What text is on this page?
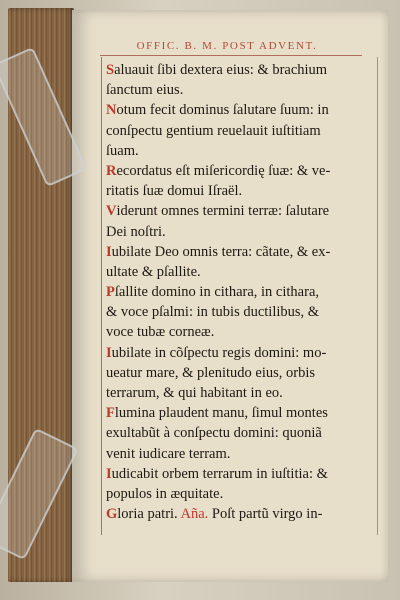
OFFIC. B. M. POST ADVENT.
Saluauit ſibi dextera eius: & brachium
ſanctum eius.
Notum fecit dominus ſalutare ſuum: in
conſpectu gentium reuelauit iuſtitiam
ſuam.
Recordatus eſt miſericordię ſuæ: & ve-
ritatis ſuæ domui Iſraël.
Viderunt omnes termini terræ: ſalutare
Dei noſtri.
Iubilate Deo omnis terra: cãtate, & ex-
ultate & pſallite.
Pſallite domino in cithara, in cithara,
& voce pſalmi: in tubis ductilibus, &
voce tubæ corneæ.
Iubilate in cõſpectu regis domini: mo-
ueatur mare, & plenitudo eius, orbis
terrarum, & qui habitant in eo.
Flumina plaudent manu, ſimul montes
exultabũt à conſpectu domini: quoniã
venit iudicare terram.
Iudicabit orbem terrarum in iuſtitia: &
populos in æquitate.
Gloria patri. Aña. Poſt partũ virgo in-
